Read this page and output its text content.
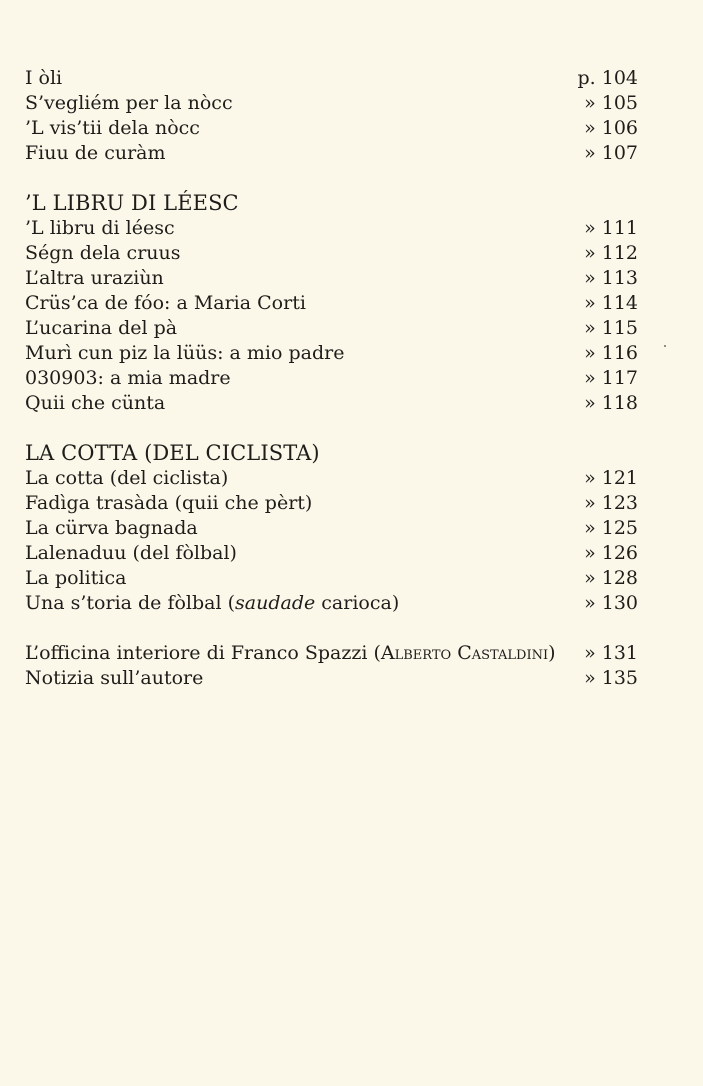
I òli	p. 104
S’vegliém per la nòcc	» 105
’L vis’tii dela nòcc	» 106
Fiuu de curàm	» 107
’L LIBRU DI LÉESC
’L libru di léesc	» 111
Ségn dela cruus	» 112
L’altra uraziùn	» 113
Crüs’ca de fóo: a Maria Corti	» 114
L’ucarina del pà	» 115
Murì cun piz la lüüs: a mio padre	» 116
030903: a mia madre	» 117
Quii che cünta	» 118
LA COTTA (DEL CICLISTA)
La cotta (del ciclista)	» 121
Fadìga trasàda (quii che pèrt)	» 123
La cürva bagnada	» 125
Lalenaduu (del fòlbal)	» 126
La politica	» 128
Una s’toria de fòlbal (saudade carioca)	» 130
L’officina interiore di Franco Spazzi (Alberto Castaldini) » 131
Notizia sull’autore	» 135
